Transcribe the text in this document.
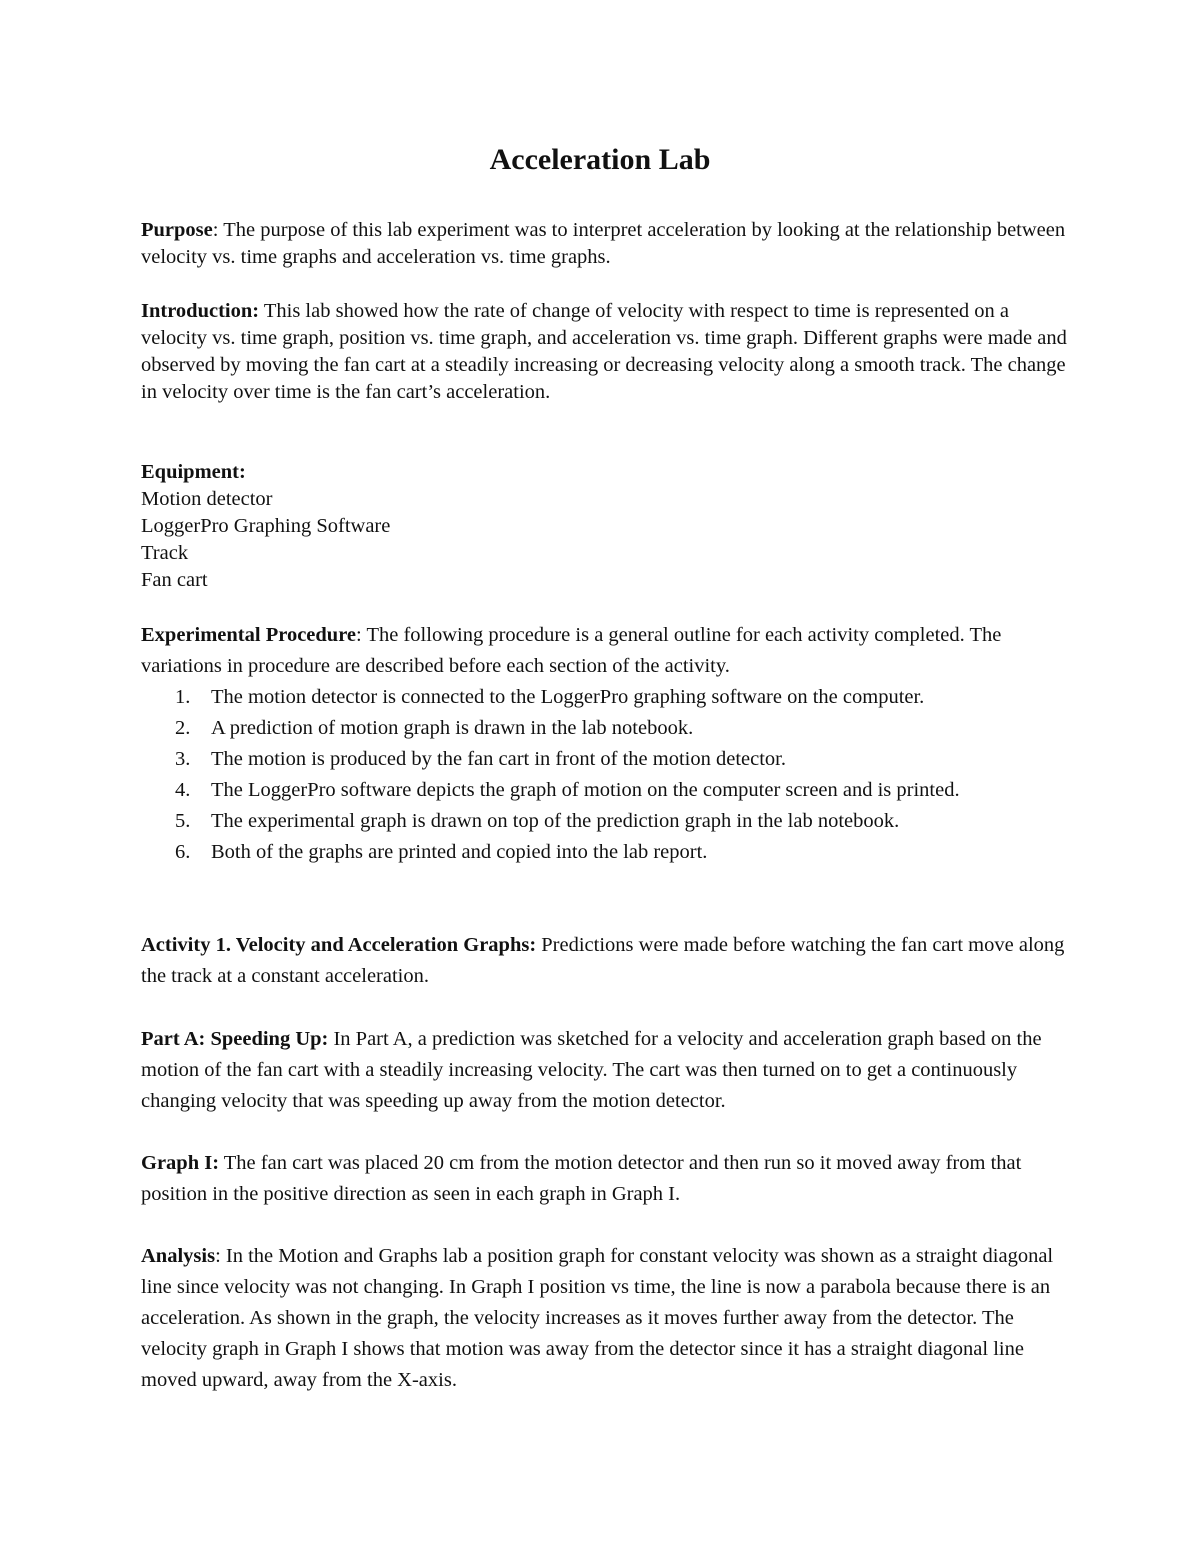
Acceleration Lab

Purpose: The purpose of this lab experiment was to interpret acceleration by looking at the relationship between velocity vs. time graphs and acceleration vs. time graphs.

Introduction: This lab showed how the rate of change of velocity with respect to time is represented on a velocity vs. time graph, position vs. time graph, and acceleration vs. time graph. Different graphs were made and observed by moving the fan cart at a steadily increasing or decreasing velocity along a smooth track. The change in velocity over time is the fan cart’s acceleration.

Equipment:
Motion detector
LoggerPro Graphing Software
Track
Fan cart

Experimental Procedure: The following procedure is a general outline for each activity completed. The variations in procedure are described before each section of the activity.

1. The motion detector is connected to the LoggerPro graphing software on the computer.
2. A prediction of motion graph is drawn in the lab notebook.
3. The motion is produced by the fan cart in front of the motion detector.
4. The LoggerPro software depicts the graph of motion on the computer screen and is printed.
5. The experimental graph is drawn on top of the prediction graph in the lab notebook.
6. Both of the graphs are printed and copied into the lab report.

Activity 1. Velocity and Acceleration Graphs: Predictions were made before watching the fan cart move along the track at a constant acceleration.

Part A: Speeding Up: In Part A, a prediction was sketched for a velocity and acceleration graph based on the motion of the fan cart with a steadily increasing velocity. The cart was then turned on to get a continuously changing velocity that was speeding up away from the motion detector.

Graph I: The fan cart was placed 20 cm from the motion detector and then run so it moved away from that position in the positive direction as seen in each graph in Graph I.

Analysis: In the Motion and Graphs lab a position graph for constant velocity was shown as a straight diagonal line since velocity was not changing. In Graph I position vs time, the line is now a parabola because there is an acceleration. As shown in the graph, the velocity increases as it moves further away from the detector. The velocity graph in Graph I shows that motion was away from the detector since it has a straight diagonal line moved upward, away from the X-axis.
